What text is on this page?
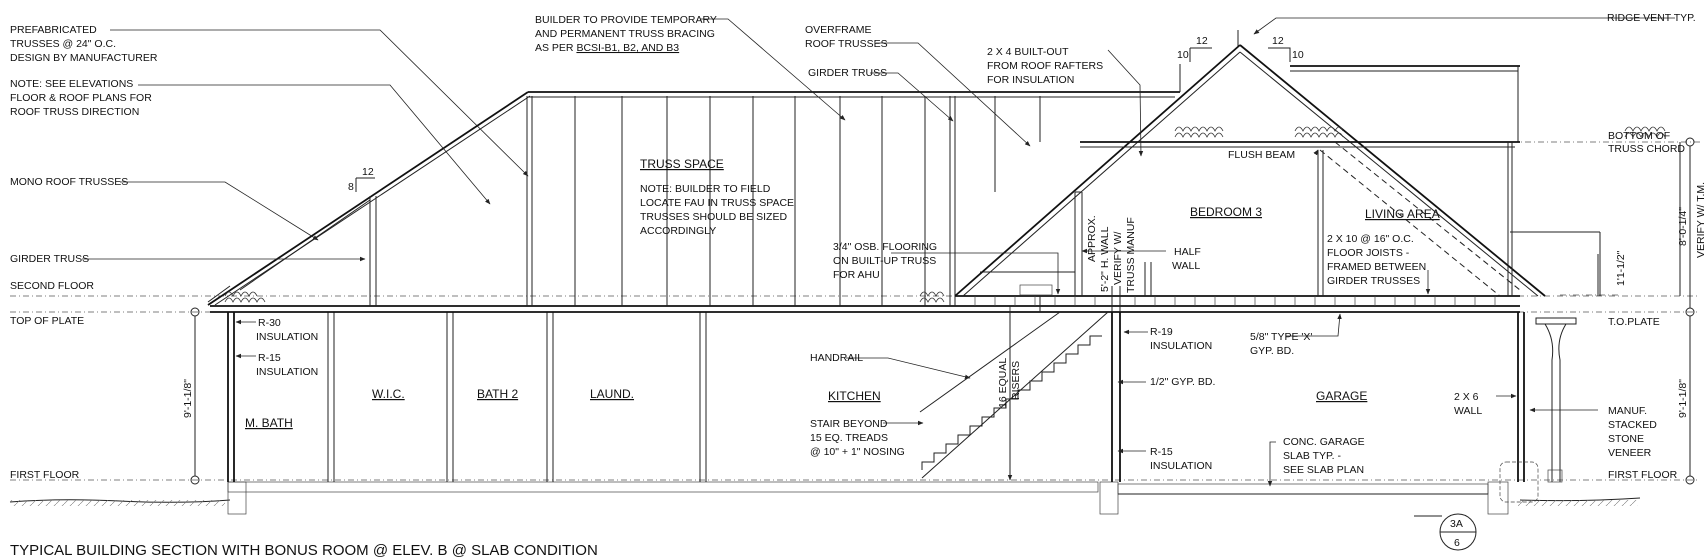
8
12
10
12	12
10
M. BATH
W.I.C.	BATH 2	LAUND.	KITCHEN	GARAGE
BEDROOM 3	LIVING AREA
TRUSS SPACE
SECOND FLOOR
TOP OF PLATE
FIRST FLOOR	FIRST FLOOR
T.O.PLATE
BOTTOM OF
TRUSS CHORD
9'-1-1/8"	9'-1-1/8"
8'-0-1/4" VERIFY W/ T.M.
1'1-1/2"
16 EQUAL RISERS
APPROX. 5'-2" H. WALL VERIFY W/ TRUSS MANUF
PREFABRICATED
TRUSSES @ 24" O.C.
DESIGN BY MANUFACTURER
NOTE: SEE ELEVATIONS
FLOOR & ROOF PLANS FOR
ROOF TRUSS DIRECTION
MONO ROOF TRUSSES
GIRDER TRUSS
BUILDER TO PROVIDE TEMPORARY
AND PERMANENT TRUSS BRACING
AS PER BCSI-B1, B2, AND B3
OVERFRAME
ROOF TRUSSES
GIRDER TRUSS
2 X 4 BUILT-OUT
FROM ROOF RAFTERS
FOR INSULATION
RIDGE VENT TYP.
NOTE: BUILDER TO FIELD
LOCATE FAU IN TRUSS SPACE
TRUSSES SHOULD BE SIZED
ACCORDINGLY
FLUSH BEAM
3/4" OSB. FLOORING
ON BUILT-UP TRUSS
FOR AHU
HALF
WALL
2 X 10 @ 16" O.C.
FLOOR JOISTS -
FRAMED BETWEEN
GIRDER TRUSSES
R-30
INSULATION
R-15
INSULATION
HANDRAIL
STAIR BEYOND
15 EQ. TREADS
@ 10" + 1" NOSING
R-19
INSULATION
1/2" GYP. BD.
R-15
INSULATION
5/8" TYPE 'X'
GYP. BD.
2 X 6
WALL
CONC. GARAGE
SLAB TYP. -
SEE SLAB PLAN
MANUF.
STACKED
STONE
VENEER
3A
6
TYPICAL BUILDING SECTION WITH BONUS ROOM @ ELEV. B @ SLAB CONDITION
